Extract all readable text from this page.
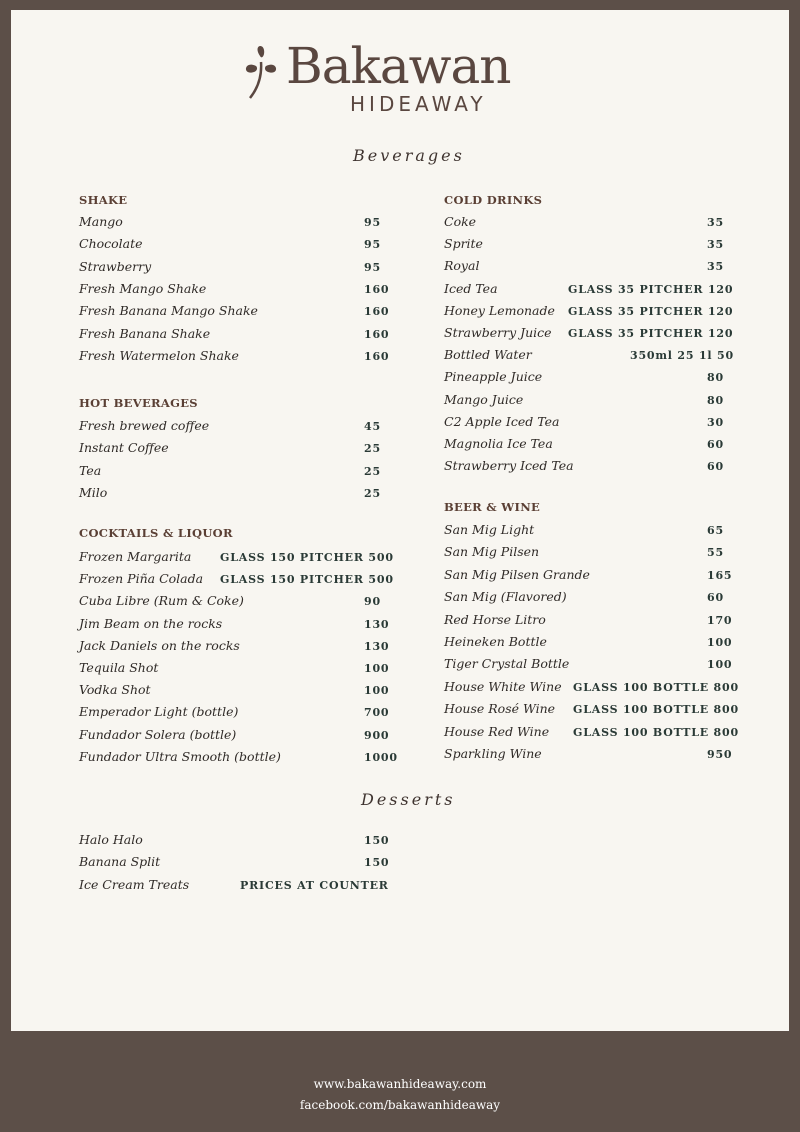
Bakawan
HIDEAWAY
Beverages
Desserts
SHAKE
Mango	95
Chocolate	95
Strawberry	95
Fresh Mango Shake	160
Fresh Banana Mango Shake	160
Fresh Banana Shake	160
Fresh Watermelon Shake	160
HOT BEVERAGES
Fresh brewed coffee	45
Instant Coffee	25
Tea	25
Milo	25
COCKTAILS & LIQUOR
Frozen Margarita	GLASS 150 PITCHER 500
Frozen Piña Colada GLASS 150 PITCHER 500
Cuba Libre (Rum & Coke)	90
Jim Beam on the rocks	130
Jack Daniels on the rocks	130
Tequila Shot	100
Vodka Shot	100
Emperador Light (bottle)	700
Fundador Solera (bottle)	900
Fundador Ultra Smooth (bottle)	1000
COLD DRINKS
Coke	35
Sprite	35
Royal	35
Iced Tea	GLASS 35 PITCHER 120
Honey Lemonade GLASS 35 PITCHER 120
Strawberry Juice GLASS 35 PITCHER 120
Bottled Water	350ml 25 1l 50
Pineapple Juice	80
Mango Juice	80
C2 Apple Iced Tea	30
Magnolia Ice Tea	60
Strawberry Iced Tea	60
BEER & WINE
San Mig Light	65
San Mig Pilsen	55
San Mig Pilsen Grande	165
San Mig (Flavored)	60
Red Horse Litro	170
Heineken Bottle	100
Tiger Crystal Bottle	100
House White Wine GLASS 100 BOTTLE 800
House Rosé Wine GLASS 100 BOTTLE 800
House Red Wine GLASS 100 BOTTLE 800
Sparkling Wine	950
Halo Halo	150
Banana Split	150
Ice Cream Treats	PRICES AT COUNTER
www.bakawanhideaway.com
facebook.com/bakawanhideaway
